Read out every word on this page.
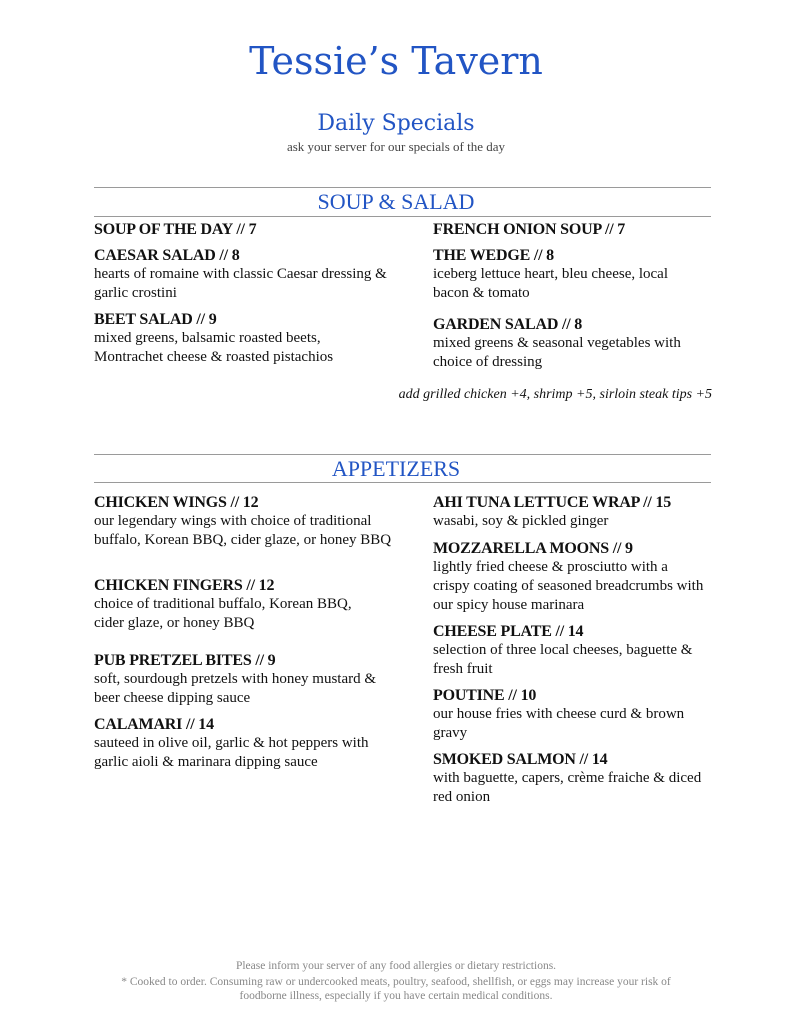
Tessie’s Tavern
Daily Specials
ask your server for our specials of the day
SOUP & SALAD
SOUP OF THE DAY // 7
CAESAR SALAD // 8
hearts of romaine with classic Caesar dressing & garlic crostini
BEET SALAD // 9
mixed greens, balsamic roasted beets, Montrachet cheese & roasted pistachios
FRENCH ONION SOUP // 7
THE WEDGE // 8
iceberg lettuce heart, bleu cheese, local bacon & tomato
GARDEN SALAD // 8
mixed greens & seasonal vegetables with choice of dressing
add grilled chicken +4, shrimp +5, sirloin steak tips +5
APPETIZERS
CHICKEN WINGS // 12
our legendary wings with choice of traditional buffalo, Korean BBQ, cider glaze, or honey BBQ
CHICKEN FINGERS // 12
choice of traditional buffalo, Korean BBQ, cider glaze, or honey BBQ
PUB PRETZEL BITES // 9
soft, sourdough pretzels with honey mustard & beer cheese dipping sauce
CALAMARI // 14
sauteed in olive oil, garlic & hot peppers with garlic aioli & marinara dipping sauce
AHI TUNA LETTUCE WRAP // 15
wasabi, soy & pickled ginger
MOZZARELLA MOONS // 9
lightly fried cheese & prosciutto with a crispy coating of seasoned breadcrumbs with our spicy house marinara
CHEESE PLATE // 14
selection of three local cheeses, baguette & fresh fruit
POUTINE // 10
our house fries with cheese curd & brown gravy
SMOKED SALMON // 14
with baguette, capers, crème fraiche & diced red onion
Please inform your server of any food allergies or dietary restrictions.
* Cooked to order. Consuming raw or undercooked meats, poultry, seafood, shellfish, or eggs may increase your risk of foodborne illness, especially if you have certain medical conditions.
